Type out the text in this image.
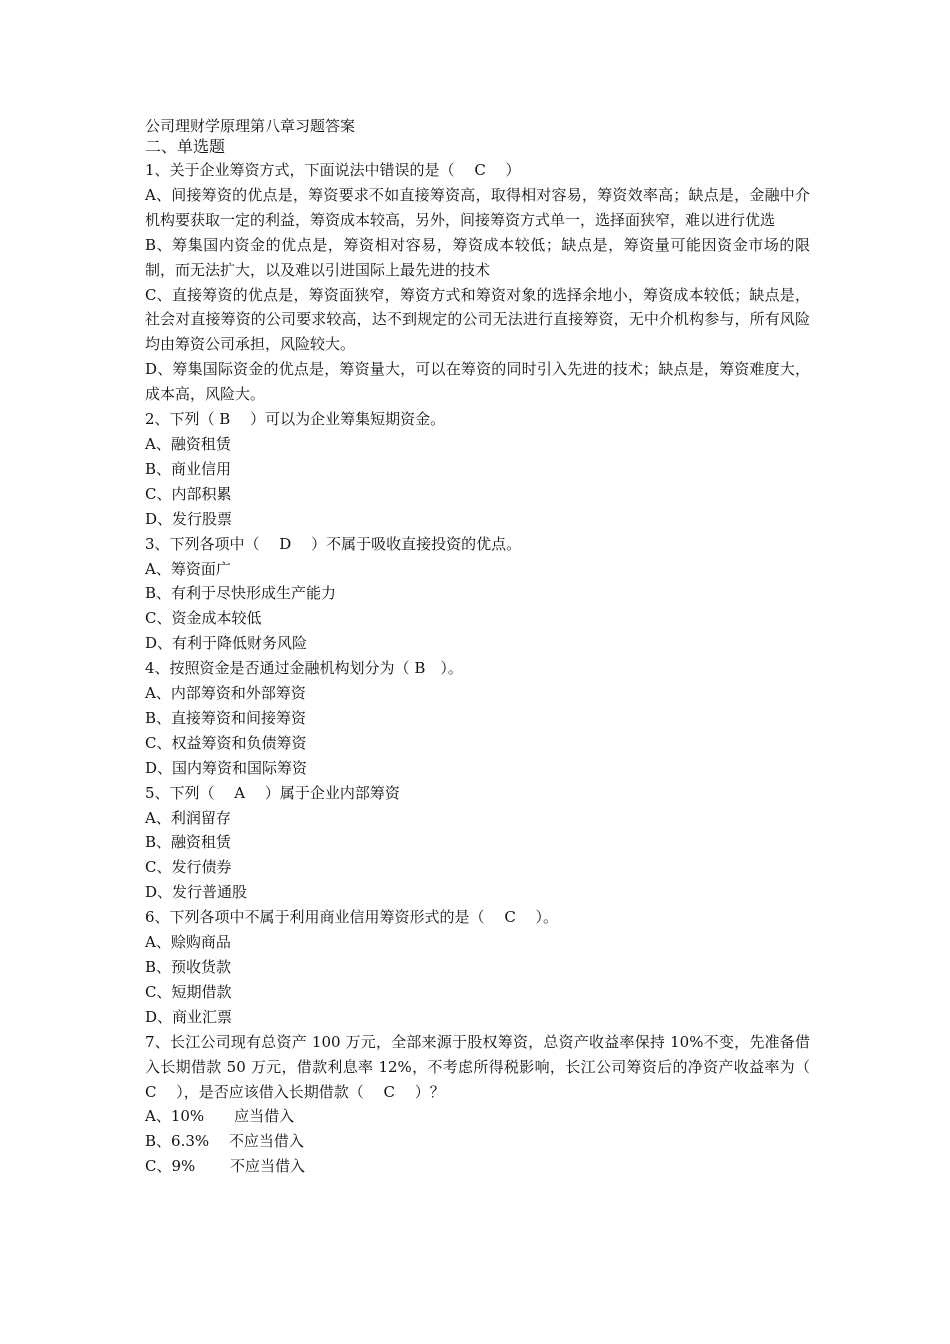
公司理财学原理第八章习题答案

二、单选题

1、关于企业筹资方式，下面说法中错误的是（　 C　 ）

A、间接筹资的优点是，筹资要求不如直接筹资高，取得相对容易，筹资效率高；缺点是，金融中介机构要获取一定的利益，筹资成本较高，另外，间接筹资方式单一，选择面狭窄，难以进行优选

B、筹集国内资金的优点是，筹资相对容易，筹资成本较低；缺点是，筹资量可能因资金市场的限制，而无法扩大，以及难以引进国际上最先进的技术

C、直接筹资的优点是，筹资面狭窄，筹资方式和筹资对象的选择余地小，筹资成本较低；缺点是，社会对直接筹资的公司要求较高，达不到规定的公司无法进行直接筹资，无中介机构参与，所有风险均由筹资公司承担，风险较大。

D、筹集国际资金的优点是，筹资量大，可以在筹资的同时引入先进的技术；缺点是，筹资难度大，成本高，风险大。

2、下列（ B　 ）可以为企业筹集短期资金。

A、融资租赁

B、商业信用

C、内部积累

D、发行股票

3、下列各项中（　 D　 ）不属于吸收直接投资的优点。

A、筹资面广

B、有利于尽快形成生产能力

C、资金成本较低

D、有利于降低财务风险

4、按照资金是否通过金融机构划分为（ B　）。

A、内部筹资和外部筹资

B、直接筹资和间接筹资

C、权益筹资和负债筹资

D、国内筹资和国际筹资

5、下列（　 A　 ）属于企业内部筹资

A、利润留存

B、融资租赁

C、发行债券

D、发行普通股

6、下列各项中不属于利用商业信用筹资形式的是（　 C　 ）。

A、赊购商品

B、预收货款

C、短期借款

D、商业汇票

7、长江公司现有总资产 100 万元，全部来源于股权筹资，总资产收益率保持 10%不变，先准备借入长期借款 50 万元，借款利息率 12%，不考虑所得税影响，长江公司筹资后的净资产收益率为（　 C　 ），是否应该借入长期借款（　 C　 ）？

A、10%　　应当借入

B、6.3%　 不应当借入

C、9%　　 不应当借入
